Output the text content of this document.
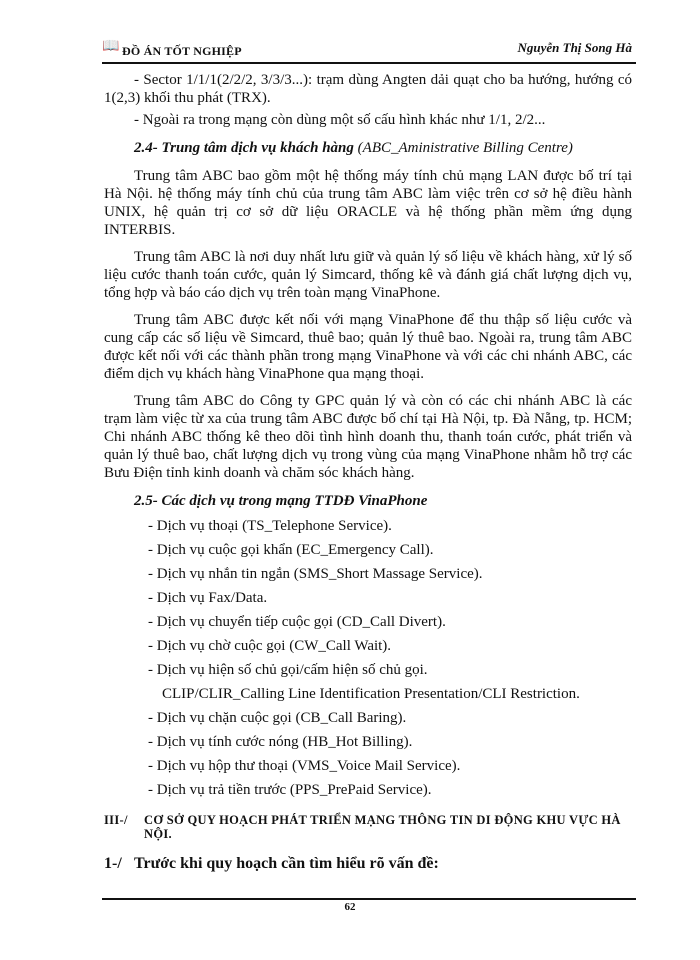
📖 ĐỒ ÁN TỐT NGHIỆP	Nguyễn Thị Song Hà

- Sector 1/1/1(2/2/2, 3/3/3...): trạm dùng Angten dải quạt cho ba hướng, hướng có 1(2,3) khối thu phát (TRX).

- Ngoài ra trong mạng còn dùng một số cấu hình khác như 1/1, 2/2...

2.4- Trung tâm dịch vụ khách hàng (ABC_Aministrative Billing Centre)

Trung tâm ABC bao gồm một hệ thống máy tính chủ mạng LAN được bố trí tại Hà Nội. hệ thống máy tính chủ của trung tâm ABC làm việc trên cơ sở hệ điều hành UNIX, hệ quản trị cơ sở dữ liệu ORACLE và hệ thống phần mềm ứng dụng INTERBIS.

Trung tâm ABC là nơi duy nhất lưu giữ và quản lý số liệu về khách hàng, xử lý số liệu cước thanh toán cước, quản lý Simcard, thống kê và đánh giá chất lượng dịch vụ, tổng hợp và báo cáo dịch vụ trên toàn mạng VinaPhone.

Trung tâm ABC được kết nối với mạng VinaPhone để thu thập số liệu cước và cung cấp các số liệu về Simcard, thuê bao; quản lý thuê bao. Ngoài ra, trung tâm ABC được kết nối với các thành phần trong mạng VinaPhone và với các chi nhánh ABC, các điểm dịch vụ khách hàng VinaPhone qua mạng thoại.

Trung tâm ABC do Công ty GPC quản lý và còn có các chi nhánh ABC là các trạm làm việc từ xa của trung tâm ABC được bố chí tại Hà Nội, tp. Đà Nẵng, tp. HCM; Chi nhánh ABC thống kê theo dõi tình hình doanh thu, thanh toán cước, phát triển và quản lý thuê bao, chất lượng dịch vụ trong vùng của mạng VinaPhone nhằm hỗ trợ các Bưu Điện tỉnh kinh doanh và chăm sóc khách hàng.

2.5- Các dịch vụ trong mạng TTDĐ VinaPhone

- Dịch vụ thoại (TS_Telephone Service).

- Dịch vụ cuộc gọi khẩn (EC_Emergency Call).

- Dịch vụ nhắn tin ngắn (SMS_Short Massage Service).

- Dịch vụ Fax/Data.

- Dịch vụ chuyển tiếp cuộc gọi (CD_Call Divert).

- Dịch vụ chờ cuộc gọi (CW_Call Wait).

- Dịch vụ hiện số chủ gọi/cấm hiện số chủ gọi.

CLIP/CLIR_Calling Line Identification Presentation/CLI Restriction.

- Dịch vụ chặn cuộc gọi (CB_Call Baring).

- Dịch vụ tính cước nóng (HB_Hot Billing).

- Dịch vụ hộp thư thoại (VMS_Voice Mail Service).

- Dịch vụ trả tiền trước (PPS_PrePaid Service).

III-/	CƠ SỞ QUY HOẠCH PHÁT TRIỂN MẠNG THÔNG TIN DI ĐỘNG KHU VỰC HÀ NỘI.
1-/ Trước khi quy hoạch cần tìm hiểu rõ vấn đề:
62
